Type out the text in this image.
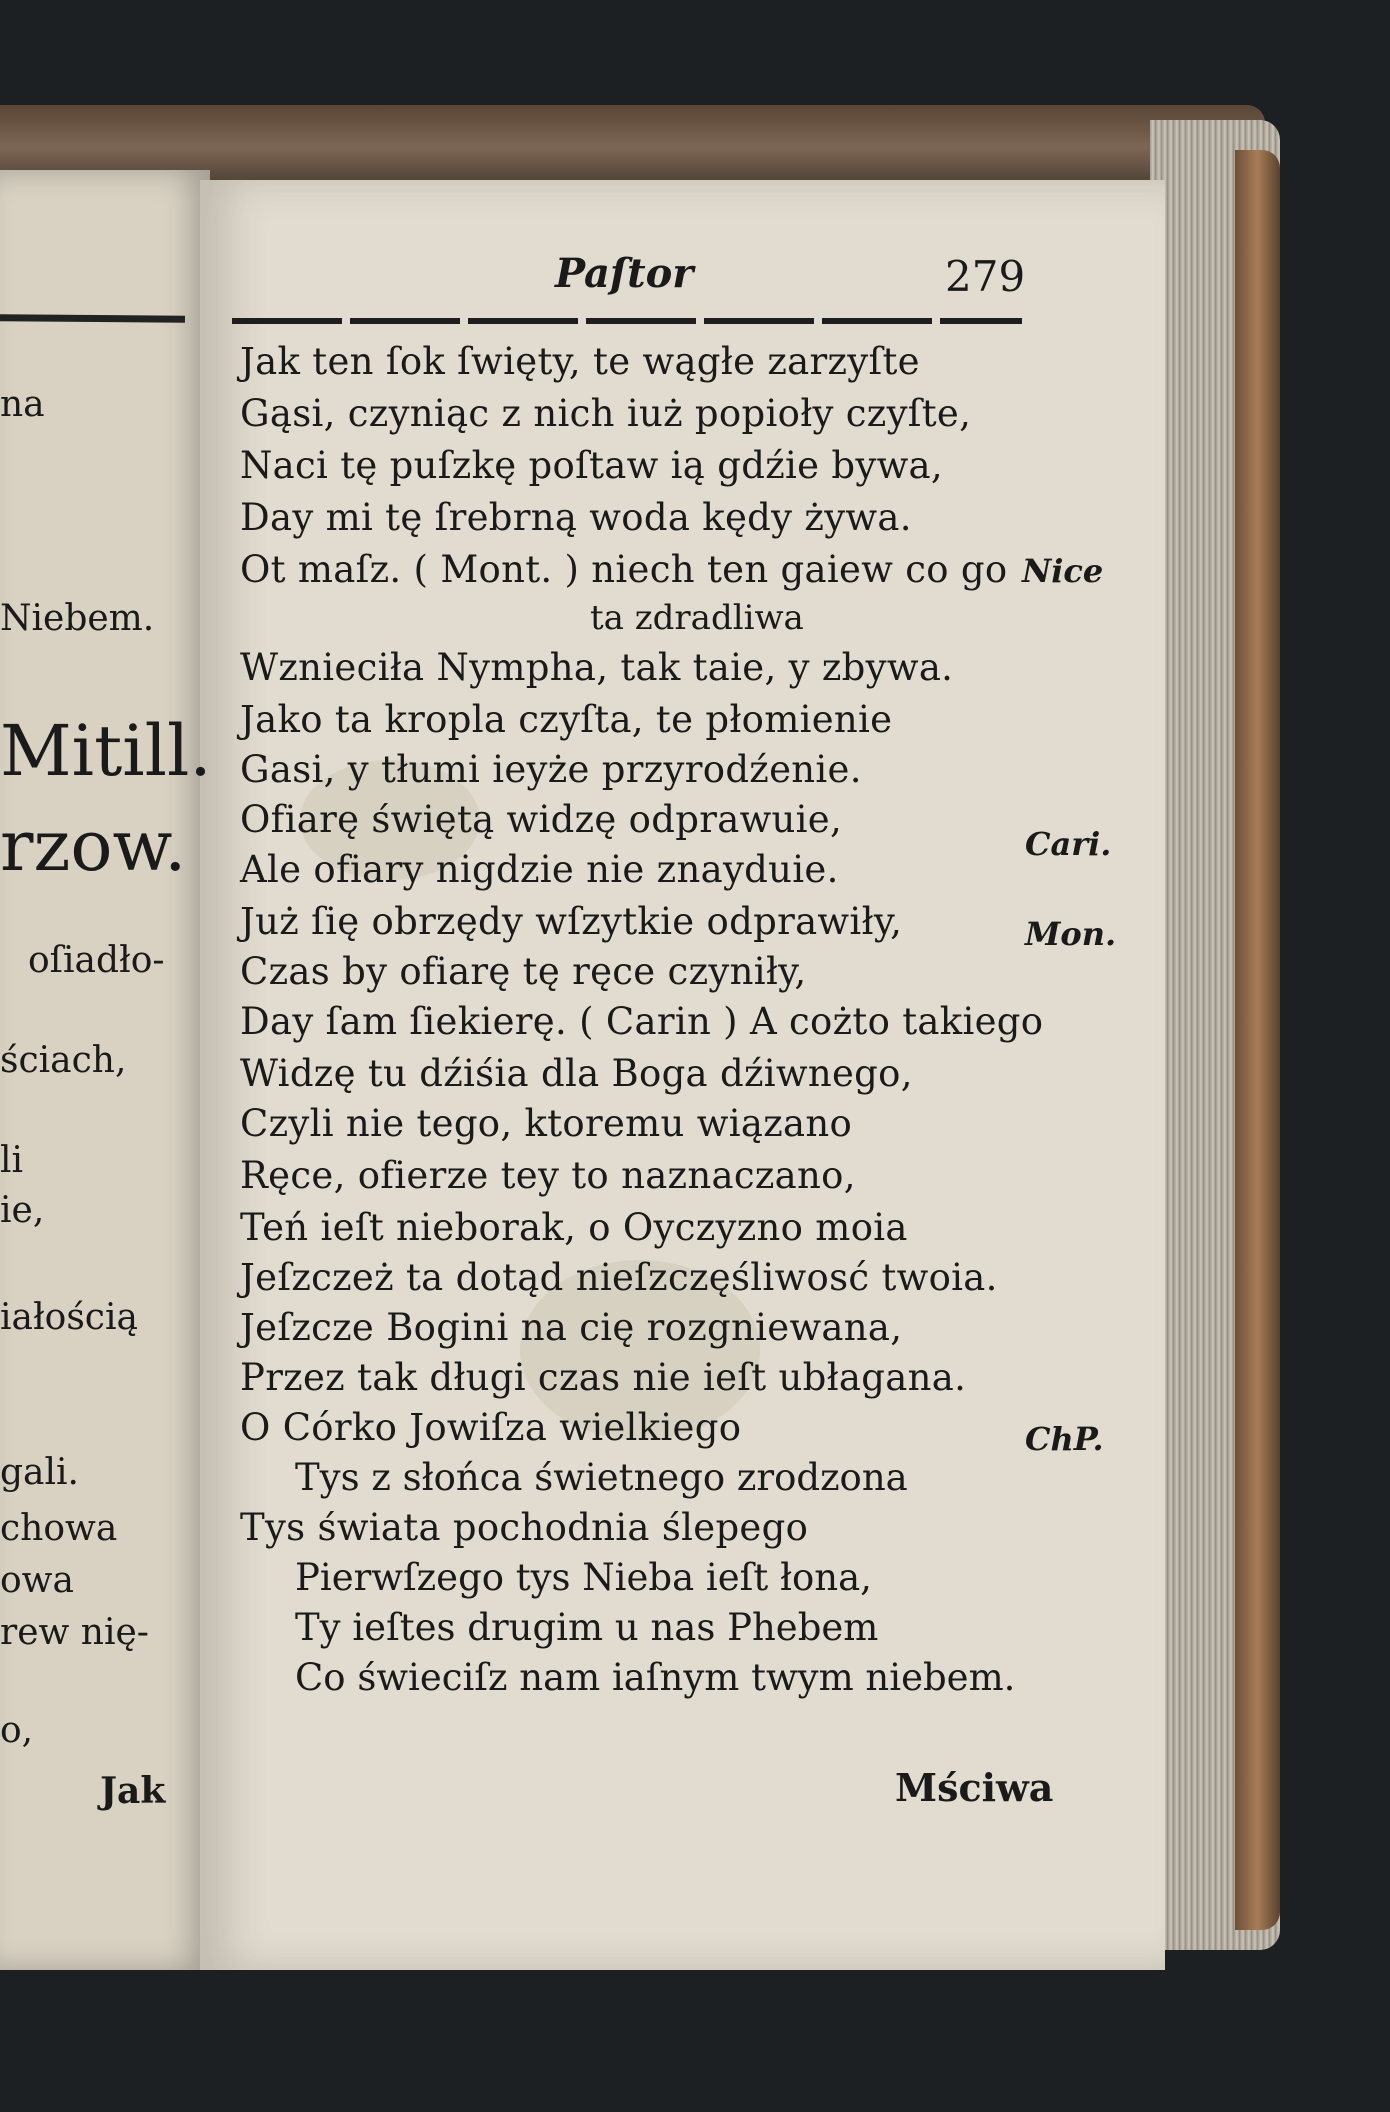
na
Niebem.
Mitill.
rzow.
oſiadło-
ściach,
li
ie,
iałością
gali.
chowa
owa
rew nię-
o,
Jak
Paſtor	279
Jak ten ſok ſwięty, te wągłe zarzyſte
Gąsi, czyniąc z nich iuż popioły czyſte,
Naci tę puſzkę poſtaw ią gdźie bywa,
Day mi tę ſrebrną woda kędy żywa.
Ot maſz. ( Mont. ) niech ten gaiew co go Nice
ta zdradliwa
Wznieciła Nympha, tak taie, y zbywa.
Jako ta kropla czyſta, te płomienie
Gasi, y tłumi ieyże przyrodźenie.
Ofiarę świętą widzę odprawuie,
Cari.
Ale ofiary nigdzie nie znayduie.
Już ſię obrzędy wſzytkie odprawiły,	Mon.
Czas by ofiarę tę ręce czyniły,
Day ſam ſiekierę. ( Carin ) A cożto takiego
Widzę tu dźiśia dla Boga dźiwnego,
Czyli nie tego, ktoremu wiązano
Ręce, ofierze tey to naznaczano,
Teń ieſt nieborak, o Oyczyzno moia
Jeſzczeż ta dotąd nieſzczęśliwosć twoia.
Jeſzcze Bogini na cię rozgniewana,
Przez tak długi czas nie ieſt ubłagana.
O Córko Jowiſza wielkiego	ChP.
Tys z słońca świetnego zrodzona
Tys świata pochodnia ślepego
Pierwſzego tys Nieba ieſt łona,
Ty ieſtes drugim u nas Phebem
Co świeciſz nam iaſnym twym niebem.
Mściwa
